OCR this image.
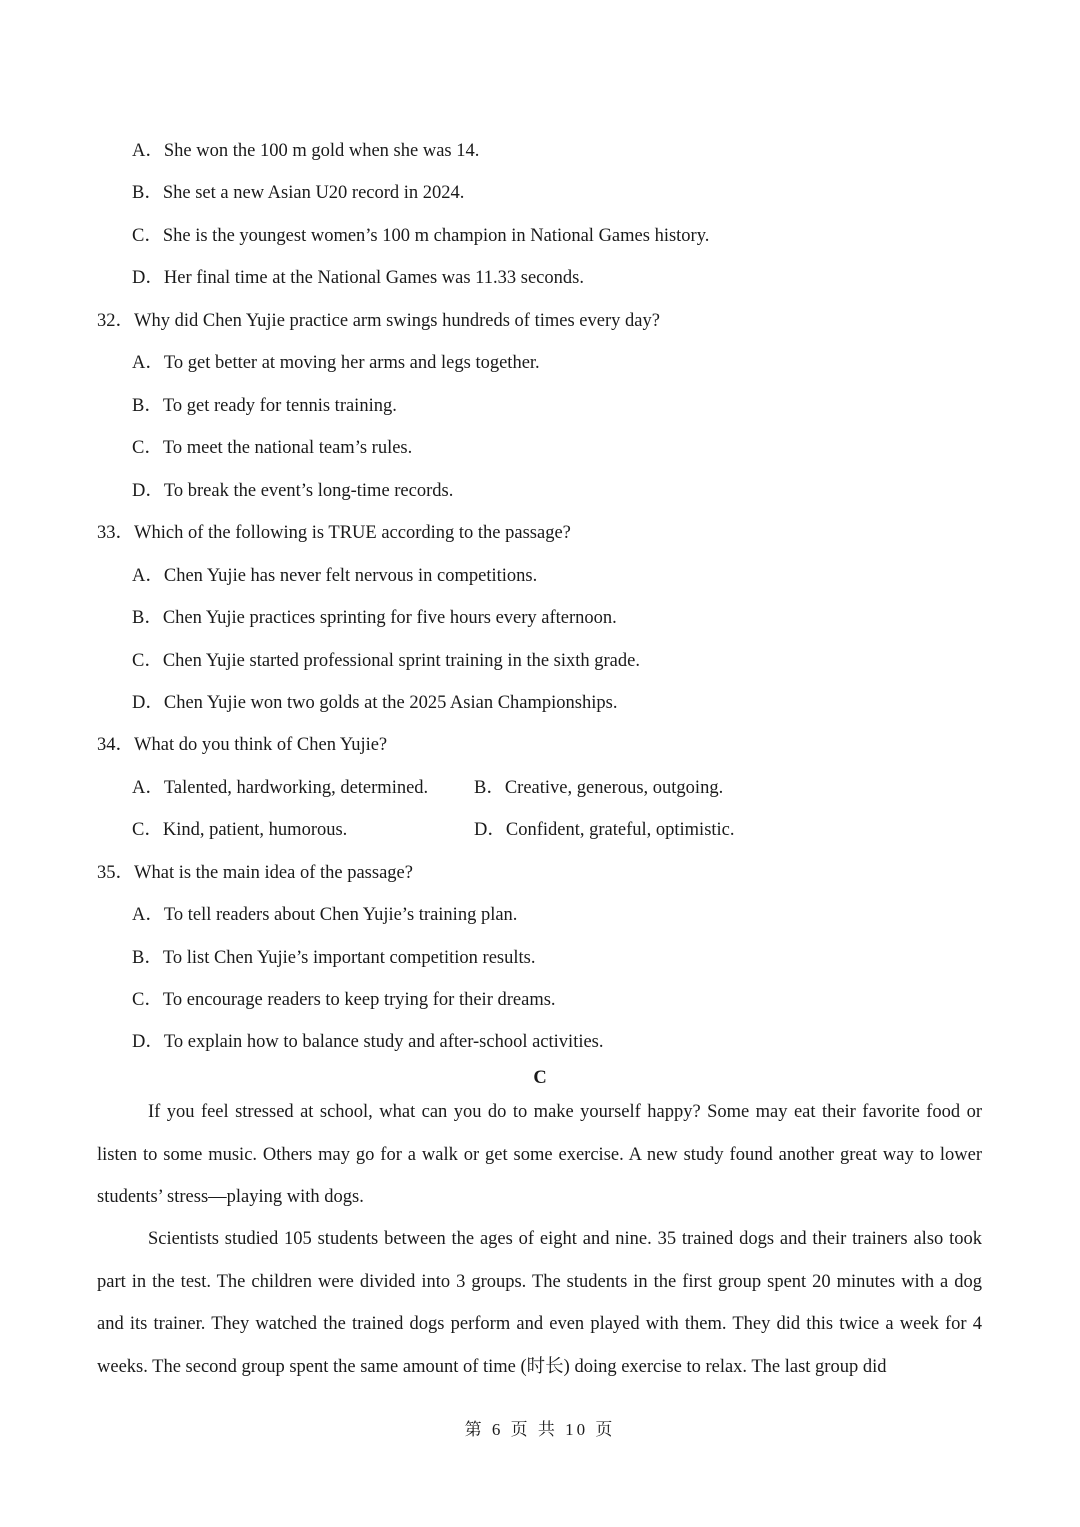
A．She won the 100 m gold when she was 14.
B．She set a new Asian U20 record in 2024.
C．She is the youngest women’s 100 m champion in National Games history.
D．Her final time at the National Games was 11.33 seconds.
32．Why did Chen Yujie practice arm swings hundreds of times every day?
A．To get better at moving her arms and legs together.
B．To get ready for tennis training.
C．To meet the national team’s rules.
D．To break the event’s long-time records.
33．Which of the following is TRUE according to the passage?
A．Chen Yujie has never felt nervous in competitions.
B．Chen Yujie practices sprinting for five hours every afternoon.
C．Chen Yujie started professional sprint training in the sixth grade.
D．Chen Yujie won two golds at the 2025 Asian Championships.
34．What do you think of Chen Yujie?
A．Talented, hardworking, determined. B．Creative, generous, outgoing.
C．Kind, patient, humorous.	D．Confident, grateful, optimistic.
35．What is the main idea of the passage?
A．To tell readers about Chen Yujie’s training plan.
B．To list Chen Yujie’s important competition results.
C．To encourage readers to keep trying for their dreams.
D．To explain how to balance study and after-school activities.
C
If you feel stressed at school, what can you do to make yourself happy? Some may eat their favorite food or listen to some music. Others may go for a walk or get some exercise. A new study found another great way to lower students’ stress—playing with dogs.
Scientists studied 105 students between the ages of eight and nine. 35 trained dogs and their trainers also took part in the test. The children were divided into 3 groups. The students in the first group spent 20 minutes with a dog and its trainer. They watched the trained dogs perform and even played with them. They did this twice a week for 4 weeks. The second group spent the same amount of time (时长) doing exercise to relax. The last group did
第 6 页 共 10 页
